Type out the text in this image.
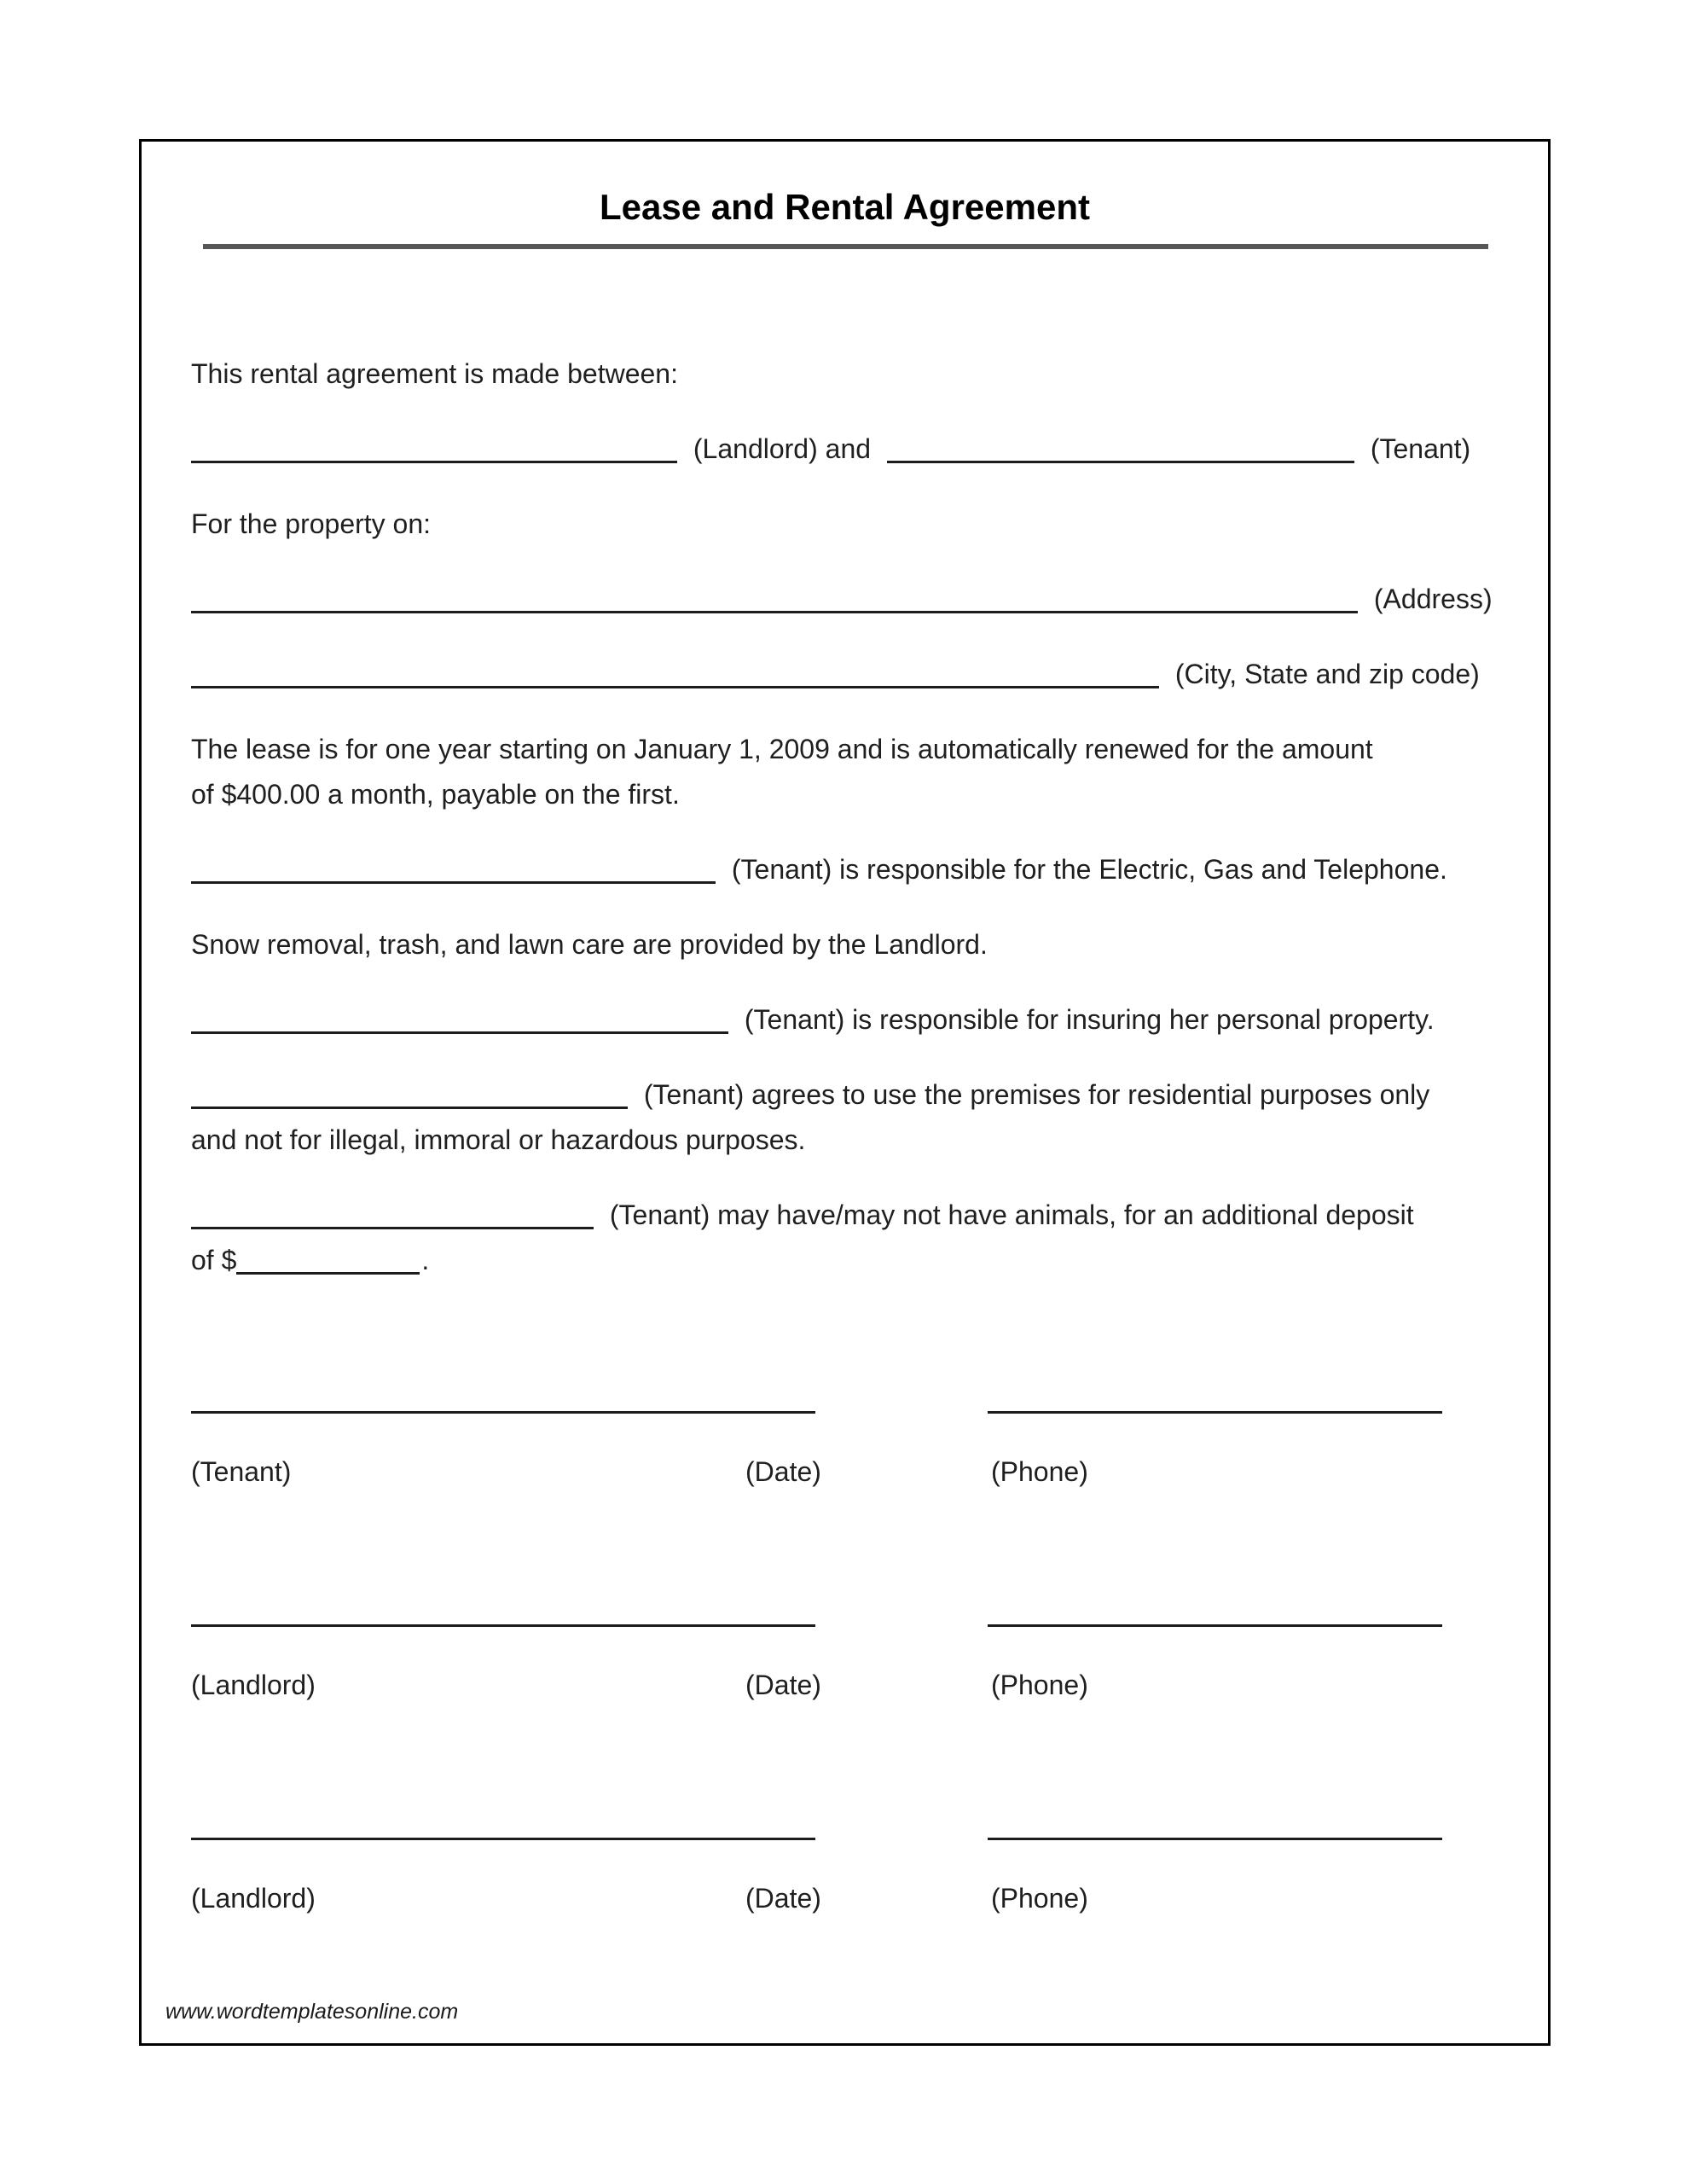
Lease and Rental Agreement

This rental agreement is made between:

(Landlord) and	(Tenant)

For the property on:

(Address)

(City, State and zip code)

The lease is for one year starting on January 1, 2009 and is automatically renewed for the amount
of $400.00 a month, payable on the first.

(Tenant) is responsible for the Electric, Gas and Telephone.

Snow removal, trash, and lawn care are provided by the Landlord.

(Tenant) is responsible for insuring her personal property.

(Tenant) agrees to use the premises for residential purposes only
and not for illegal, immoral or hazardous purposes.

(Tenant) may have/may not have animals, for an additional deposit
of $	.

(Tenant)	(Date)	(Phone)
(Landlord)	(Date)	(Phone)
(Landlord)	(Date)	(Phone)
www.wordtemplatesonline.com
